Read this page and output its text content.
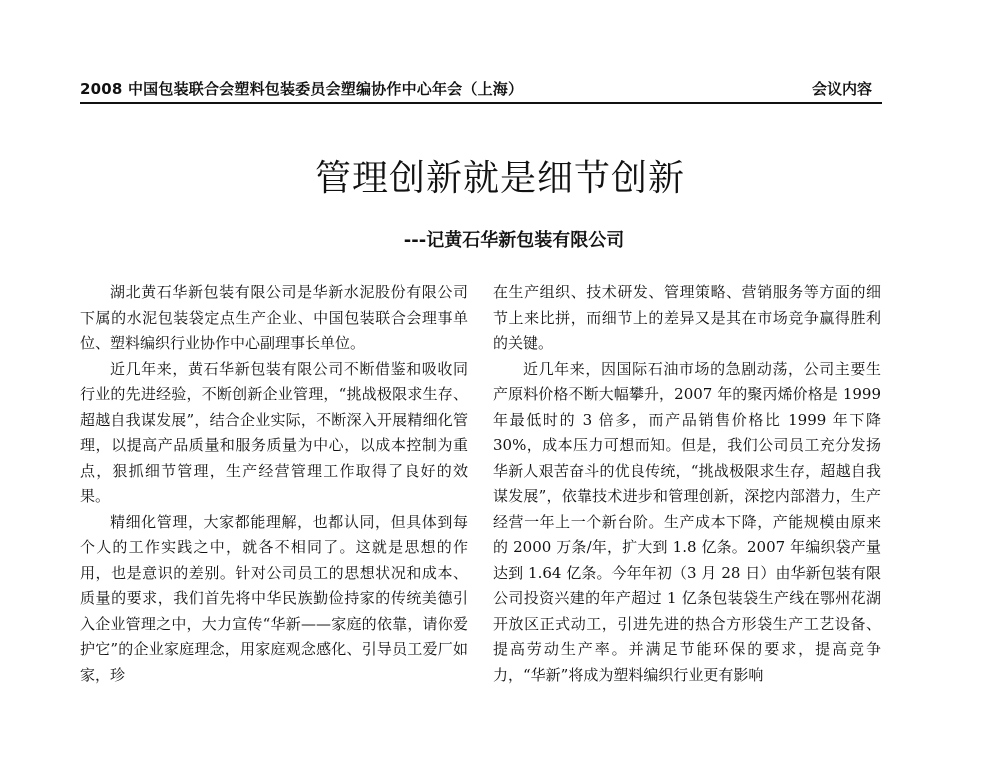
2008 中国包装联合会塑料包装委员会塑编协作中心年会（上海）	会议内容
管理创新就是细节创新
---记黄石华新包装有限公司

湖北黄石华新包装有限公司是华新水泥股份有限公司下属的水泥包装袋定点生产企业、中国包装联合会理事单位、塑料编织行业协作中心副理事长单位。

近几年来，黄石华新包装有限公司不断借鉴和吸收同行业的先进经验，不断创新企业管理，“挑战极限求生存、超越自我谋发展”，结合企业实际，不断深入开展精细化管理，以提高产品质量和服务质量为中心，以成本控制为重点，狠抓细节管理，生产经营管理工作取得了良好的效果。

精细化管理，大家都能理解，也都认同，但具体到每个人的工作实践之中，就各不相同了。这就是思想的作用，也是意识的差别。针对公司员工的思想状况和成本、质量的要求，我们首先将中华民族勤俭持家的传统美德引入企业管理之中，大力宣传“华新——家庭的依靠，请你爱护它”的企业家庭理念，用家庭观念感化、引导员工爱厂如家，珍

在生产组织、技术研发、管理策略、营销服务等方面的细节上来比拼，而细节上的差异又是其在市场竞争赢得胜利的关键。

近几年来，因国际石油市场的急剧动荡，公司主要生产原料价格不断大幅攀升，2007 年的聚丙烯价格是 1999 年最低时的 3 倍多，而产品销售价格比 1999 年下降 30%，成本压力可想而知。但是，我们公司员工充分发扬华新人艰苦奋斗的优良传统，“挑战极限求生存，超越自我谋发展”，依靠技术进步和管理创新，深挖内部潜力，生产经营一年上一个新台阶。生产成本下降，产能规模由原来的 2000 万条/年，扩大到 1.8 亿条。2007 年编织袋产量达到 1.64 亿条。今年年初（3 月 28 日）由华新包装有限公司投资兴建的年产超过 1 亿条包装袋生产线在鄂州花湖开放区正式动工，引进先进的热合方形袋生产工艺设备、提高劳动生产率。并满足节能环保的要求，提高竞争力，“华新”将成为塑料编织行业更有影响
